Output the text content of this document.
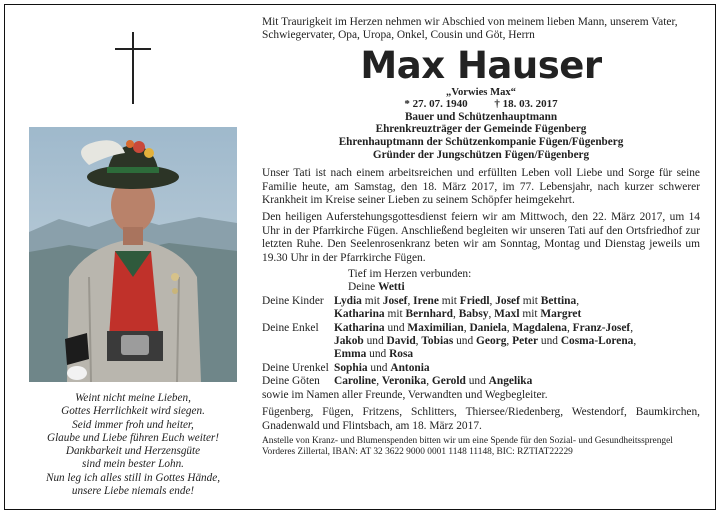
Weint nicht meine Lieben,
Gottes Herrlichkeit wird siegen.
Seid immer froh und heiter,
Glaube und Liebe führen Euch weiter!
Dankbarkeit und Herzensgüte
sind mein bester Lohn.
Nun leg ich alles still in Gottes Hände,
unsere Liebe niemals ende!
Mit Traurigkeit im Herzen nehmen wir Abschied von meinem lieben Mann, unserem Vater, Schwiegervater, Opa, Uropa, Onkel, Cousin und Göt, Herrn
Max Hauser
„Vorwies Max“
* 27. 07. 1940 † 18. 03. 2017
Bauer und Schützenhauptmann
Ehrenkreuzträger der Gemeinde Fügenberg
Ehrenhauptmann der Schützenkompanie Fügen/Fügenberg
Gründer der Jungschützen Fügen/Fügenberg
Unser Tati ist nach einem arbeitsreichen und erfüllten Leben voll Liebe und Sorge für seine Familie heute, am Samstag, den 18. März 2017, im 77. Lebensjahr, nach kurzer schwerer Krankheit im Kreise seiner Lieben zu seinem Schöpfer heimgekehrt.
Den heiligen Auferstehungsgottesdienst feiern wir am Mittwoch, den 22. März 2017, um 14 Uhr in der Pfarrkirche Fügen. Anschließend begleiten wir unseren Tati auf den Ortsfriedhof zur letzten Ruhe. Den Seelenrosenkranz beten wir am Sonntag, Montag und Dienstag jeweils um 19.30 Uhr in der Pfarrkirche Fügen.
Tief im Herzen verbunden:
Deine Wetti
Deine Kinder Lydia mit Josef, Irene mit Friedl, Josef mit Bettina,
Katharina mit Bernhard, Babsy, Maxl mit Margret
Deine Enkel	Katharina und Maximilian, Daniela, Magdalena, Franz-Josef,
Jakob und David, Tobias und Georg, Peter und Cosma-Lorena,
Emma und Rosa
Deine Urenkel Sophia und Antonia
Deine Göten	Caroline, Veronika, Gerold und Angelika
sowie im Namen aller Freunde, Verwandten und Wegbegleiter.
Fügenberg, Fügen, Fritzens, Schlitters, Thiersee/Riedenberg, Westendorf, Baumkirchen, Gnadenwald und Flintsbach, am 18. März 2017.
Anstelle von Kranz- und Blumenspenden bitten wir um eine Spende für den Sozial- und Gesundheitssprengel Vorderes Zillertal, IBAN: AT 32 3622 9000 0001 1148 11148, BIC: RZTIAT22229
